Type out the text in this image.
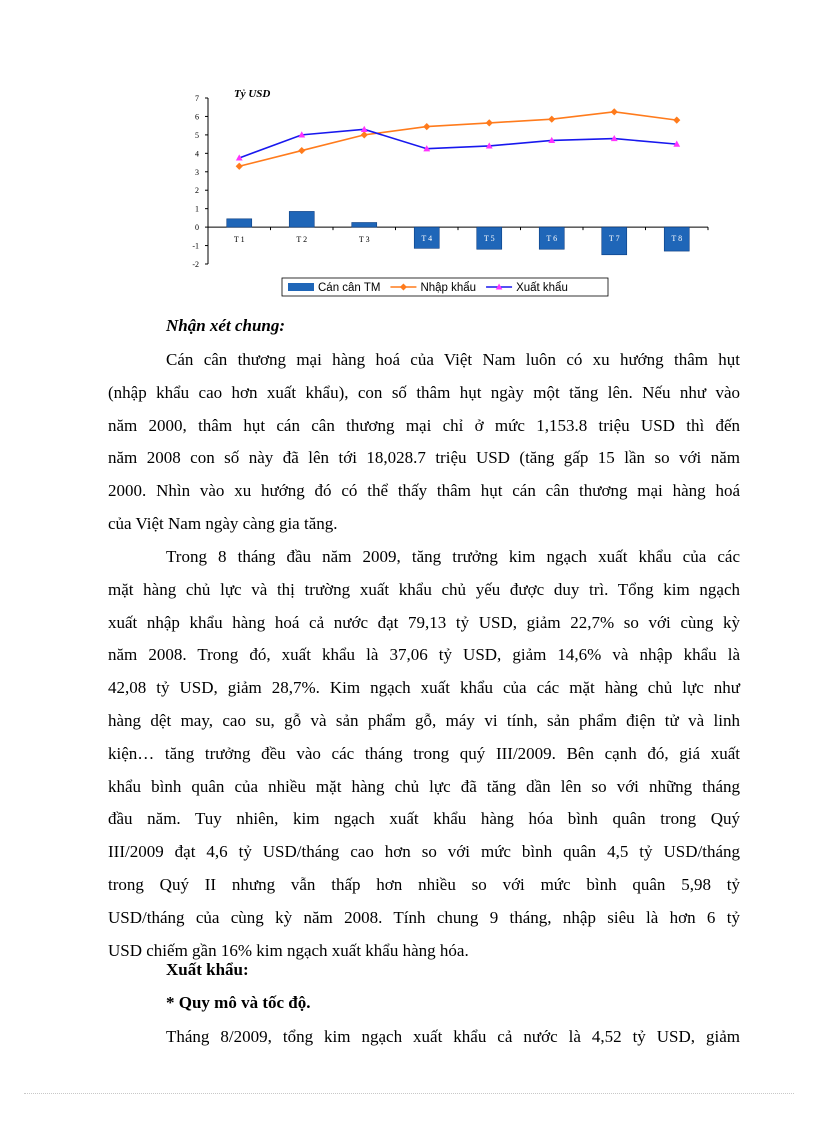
7
6
5
4
3
2
1
0
-1
-2
Tỷ USD
T 1	T 2	T 3	T 4	T 5	T 6	T 7	T 8
Cán cân TM	Nhập khẩu	Xuất khẩu

Nhận xét chung:

Cán cân thương mại hàng hoá của Việt Nam luôn có xu hướng thâm hụt
(nhập khẩu cao hơn xuất khẩu), con số thâm hụt ngày một tăng lên. Nếu như vào
năm 2000, thâm hụt cán cân thương mại chỉ ở mức 1,153.8 triệu USD thì đến
năm 2008 con số này đã lên tới 18,028.7 triệu USD (tăng gấp 15 lần so với năm
2000. Nhìn vào xu hướng đó có thể thấy thâm hụt cán cân thương mại hàng hoá
của Việt Nam ngày càng gia tăng.
Trong 8 tháng đầu năm 2009, tăng trưởng kim ngạch xuất khẩu của các
mặt hàng chủ lực và thị trường xuất khẩu chủ yếu được duy trì. Tổng kim ngạch
xuất nhập khẩu hàng hoá cả nước đạt 79,13 tỷ USD, giảm 22,7% so với cùng kỳ
năm 2008. Trong đó, xuất khẩu là 37,06 tỷ USD, giảm 14,6% và nhập khẩu là
42,08 tỷ USD, giảm 28,7%. Kim ngạch xuất khẩu của các mặt hàng chủ lực như
hàng dệt may, cao su, gỗ và sản phẩm gỗ, máy vi tính, sản phẩm điện tử và linh
kiện… tăng trưởng đều vào các tháng trong quý III/2009. Bên cạnh đó, giá xuất
khẩu bình quân của nhiều mặt hàng chủ lực đã tăng dần lên so với những tháng
đầu năm. Tuy nhiên, kim ngạch xuất khẩu hàng hóa bình quân trong Quý
III/2009 đạt 4,6 tỷ USD/tháng cao hơn so với mức bình quân 4,5 tỷ USD/tháng
trong Quý II nhưng vẫn thấp hơn nhiều so với mức bình quân 5,98 tỷ
USD/tháng của cùng kỳ năm 2008. Tính chung 9 tháng, nhập siêu là hơn 6 tỷ
USD chiếm gần 16% kim ngạch xuất khẩu hàng hóa.

Xuất khẩu:

* Quy mô và tốc độ.

Tháng 8/2009, tổng kim ngạch xuất khẩu cả nước là 4,52 tỷ USD, giảm
